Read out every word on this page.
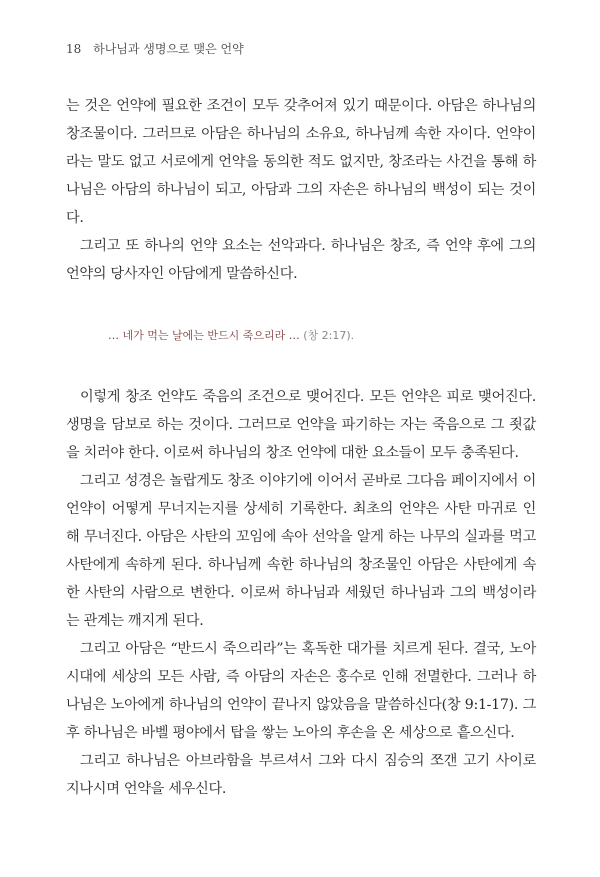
18 하나님과 생명으로 맺은 언약

는 것은 언약에 필요한 조건이 모두 갖추어져 있기 때문이다. 아담은 하나님의 창조물이다. 그러므로 아담은 하나님의 소유요, 하나님께 속한 자이다. 언약이라는 말도 없고 서로에게 언약을 동의한 적도 없지만, 창조라는 사건을 통해 하나님은 아담의 하나님이 되고, 아담과 그의 자손은 하나님의 백성이 되는 것이다.

그리고 또 하나의 언약 요소는 선악과다. 하나님은 창조, 즉 언약 후에 그의 언약의 당사자인 아담에게 말씀하신다.

… 네가 먹는 날에는 반드시 죽으리라 … (창 2:17).

이렇게 창조 언약도 죽음의 조건으로 맺어진다. 모든 언약은 피로 맺어진다. 생명을 담보로 하는 것이다. 그러므로 언약을 파기하는 자는 죽음으로 그 죗값을 치러야 한다. 이로써 하나님의 창조 언약에 대한 요소들이 모두 충족된다.

그리고 성경은 놀랍게도 창조 이야기에 이어서 곧바로 그다음 페이지에서 이 언약이 어떻게 무너지는지를 상세히 기록한다. 최초의 언약은 사탄 마귀로 인해 무너진다. 아담은 사탄의 꼬임에 속아 선악을 알게 하는 나무의 실과를 먹고 사탄에게 속하게 된다. 하나님께 속한 하나님의 창조물인 아담은 사탄에게 속한 사탄의 사람으로 변한다. 이로써 하나님과 세웠던 하나님과 그의 백성이라는 관계는 깨지게 된다.

그리고 아담은 “반드시 죽으리라”는 혹독한 대가를 치르게 된다. 결국, 노아 시대에 세상의 모든 사람, 즉 아담의 자손은 홍수로 인해 전멸한다. 그러나 하나님은 노아에게 하나님의 언약이 끝나지 않았음을 말씀하신다(창 9:1-17). 그 후 하나님은 바벨 평야에서 탑을 쌓는 노아의 후손을 온 세상으로 흩으신다.

그리고 하나님은 아브라함을 부르셔서 그와 다시 짐승의 쪼갠 고기 사이로 지나시며 언약을 세우신다.
